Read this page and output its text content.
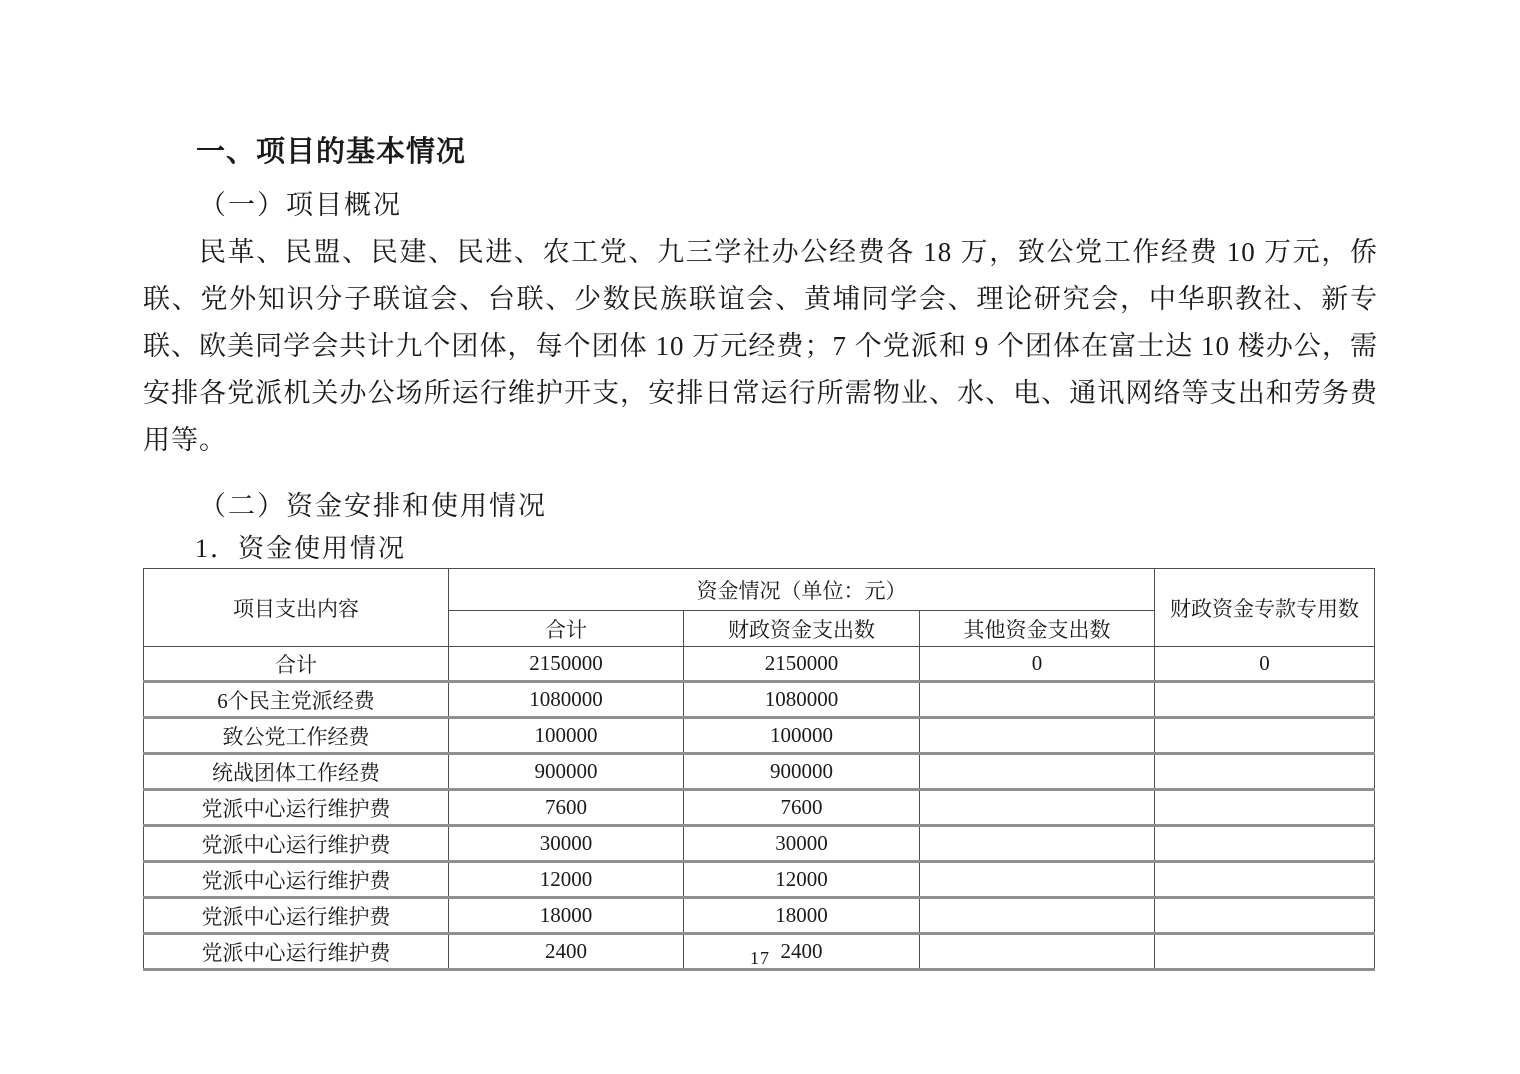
一、项目的基本情况

（一）项目概况

民革、民盟、民建、民进、农工党、九三学社办公经费各 18 万，致公党工作经费 10 万元，侨联、党外知识分子联谊会、台联、少数民族联谊会、黄埔同学会、理论研究会，中华职教社、新专联、欧美同学会共计九个团体，每个团体 10 万元经费；7 个党派和 9 个团体在富士达 10 楼办公，需安排各党派机关办公场所运行维护开支，安排日常运行所需物业、水、电、通讯网络等支出和劳务费用等。

（二）资金安排和使用情况

1．资金使用情况

项目支出内容	资金情况（单位：元）			财政资金专款专用数
	合计	财政资金支出数	其他资金支出数	
合计	2150000	2150000	0	0
6个民主党派经费	1080000	1080000		
致公党工作经费	100000	100000		
统战团体工作经费	900000	900000		
党派中心运行维护费	7600	7600		
党派中心运行维护费	30000	30000		
党派中心运行维护费	12000	12000		
党派中心运行维护费	18000	18000		
党派中心运行维护费	2400	2400		
17
